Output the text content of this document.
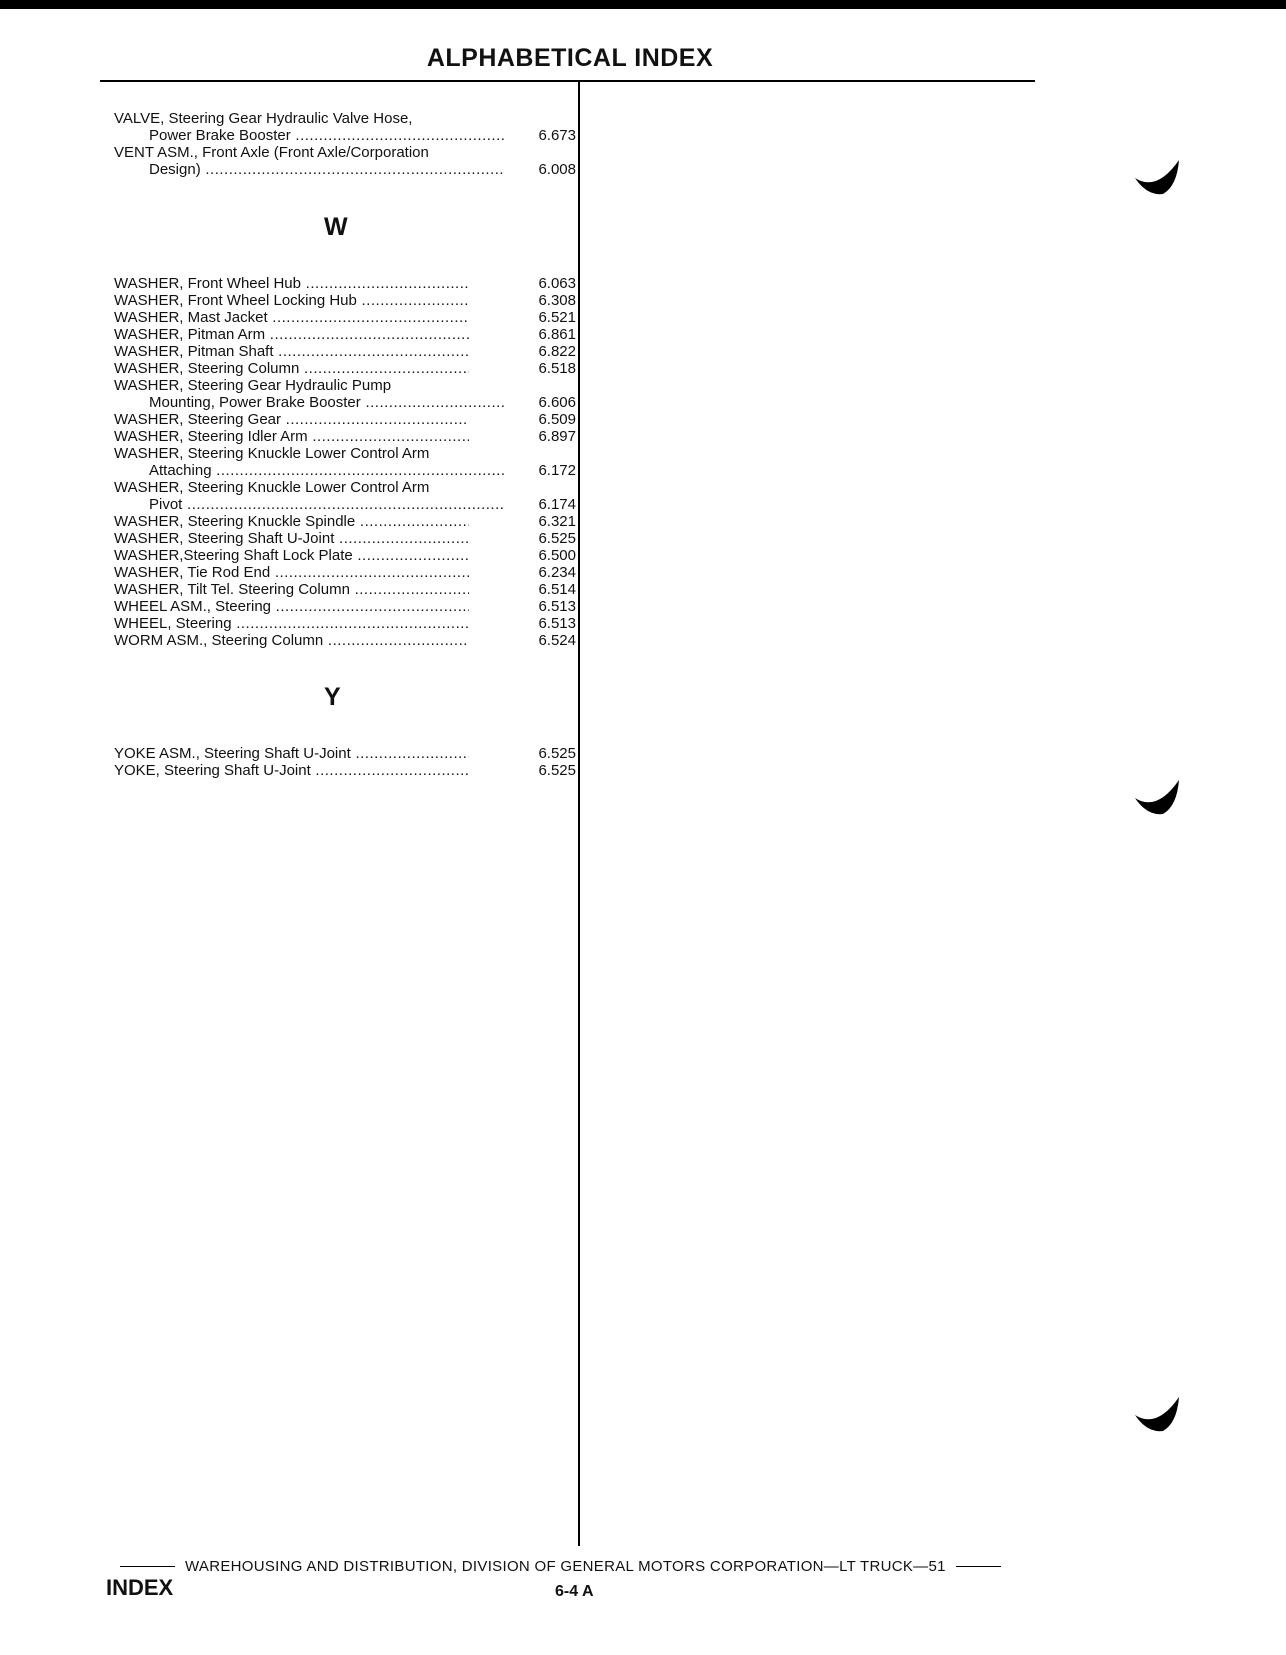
ALPHABETICAL INDEX
VALVE, Steering Gear Hydraulic Valve Hose,
Power Brake Booster .....	6.673
VENT ASM., Front Axle (Front Axle/Corporation
Design) .....	6.008
W
WASHER, Front Wheel Hub .....	6.063
WASHER, Front Wheel Locking Hub .....	6.308
WASHER, Mast Jacket .....	6.521
WASHER, Pitman Arm .....	6.861
WASHER, Pitman Shaft .....	6.822
WASHER, Steering Column .....	6.518
WASHER, Steering Gear Hydraulic Pump
Mounting, Power Brake Booster .....	6.606
WASHER, Steering Gear .....	6.509
WASHER, Steering Idler Arm .....	6.897
WASHER, Steering Knuckle Lower Control Arm
Attaching .....	6.172
WASHER, Steering Knuckle Lower Control Arm
Pivot .....	6.174
WASHER, Steering Knuckle Spindle .....	6.321
WASHER, Steering Shaft U-Joint .....	6.525
WASHER,Steering Shaft Lock Plate .....	6.500
WASHER, Tie Rod End .....	6.234
WASHER, Tilt Tel. Steering Column .....	6.514
WHEEL ASM., Steering .....	6.513
WHEEL, Steering .....	6.513
WORM ASM., Steering Column .....	6.524
Y
YOKE ASM., Steering Shaft U-Joint .....	6.525
YOKE, Steering Shaft U-Joint .....	6.525
WAREHOUSING AND DISTRIBUTION, DIVISION OF GENERAL MOTORS CORPORATION—LT TRUCK—51
INDEX	6-4 A
